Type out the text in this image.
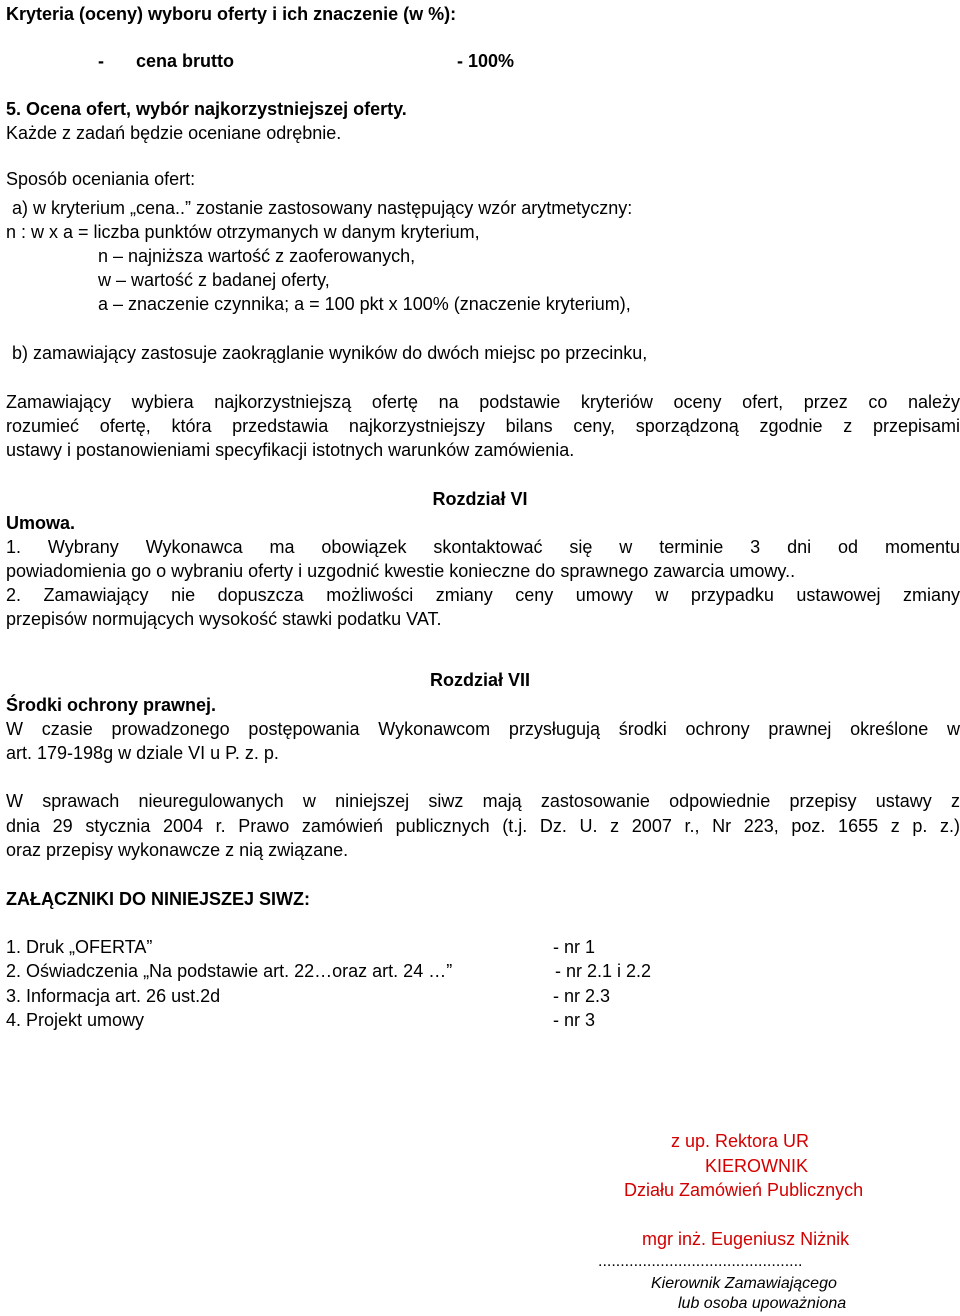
Kryteria (oceny) wyboru oferty i ich znaczenie (w %):
- cena brutto	- 100%
5. Ocena ofert, wybór najkorzystniejszej oferty.
Każde z zadań będzie oceniane odrębnie.
Sposób oceniania ofert:
a) w kryterium „cena..” zostanie zastosowany następujący wzór arytmetyczny:
n : w x a = liczba punktów otrzymanych w danym kryterium,
n – najniższa wartość z zaoferowanych,
w – wartość z badanej oferty,
a – znaczenie czynnika; a = 100 pkt x 100% (znaczenie kryterium),
b) zamawiający zastosuje zaokrąglanie wyników do dwóch miejsc po przecinku,
Zamawiający wybiera najkorzystniejszą ofertę na podstawie kryteriów oceny ofert, przez co należy
rozumieć ofertę, która przedstawia najkorzystniejszy bilans ceny, sporządzoną zgodnie z przepisami
ustawy i postanowieniami specyfikacji istotnych warunków zamówienia.
Rozdział VI
Umowa.
1. Wybrany Wykonawca ma obowiązek skontaktować się w terminie 3 dni od momentu
powiadomienia go o wybraniu oferty i uzgodnić kwestie konieczne do sprawnego zawarcia umowy..
2. Zamawiający nie dopuszcza możliwości zmiany ceny umowy w przypadku ustawowej zmiany
przepisów normujących wysokość stawki podatku VAT.
Rozdział VII
Środki ochrony prawnej.
W czasie prowadzonego postępowania Wykonawcom przysługują środki ochrony prawnej określone w
art. 179-198g w dziale VI u P. z. p.
W sprawach nieuregulowanych w niniejszej siwz mają zastosowanie odpowiednie przepisy ustawy z
dnia 29 stycznia 2004 r. Prawo zamówień publicznych (t.j. Dz. U. z 2007 r., Nr 223, poz. 1655 z p. z.)
oraz przepisy wykonawcze z nią związane.
ZAŁĄCZNIKI DO NINIEJSZEJ SIWZ:
1. Druk „OFERTA”	- nr 1
2. Oświadczenia „Na podstawie art. 22…oraz art. 24 …”	- nr 2.1 i 2.2
3. Informacja art. 26 ust.2d	- nr 2.3
4. Projekt umowy	- nr 3
z up. Rektora UR
KIEROWNIK
Działu Zamówień Publicznych
mgr inż. Eugeniusz Niżnik
..............................................
Kierownik Zamawiającego
lub osoba upoważniona
